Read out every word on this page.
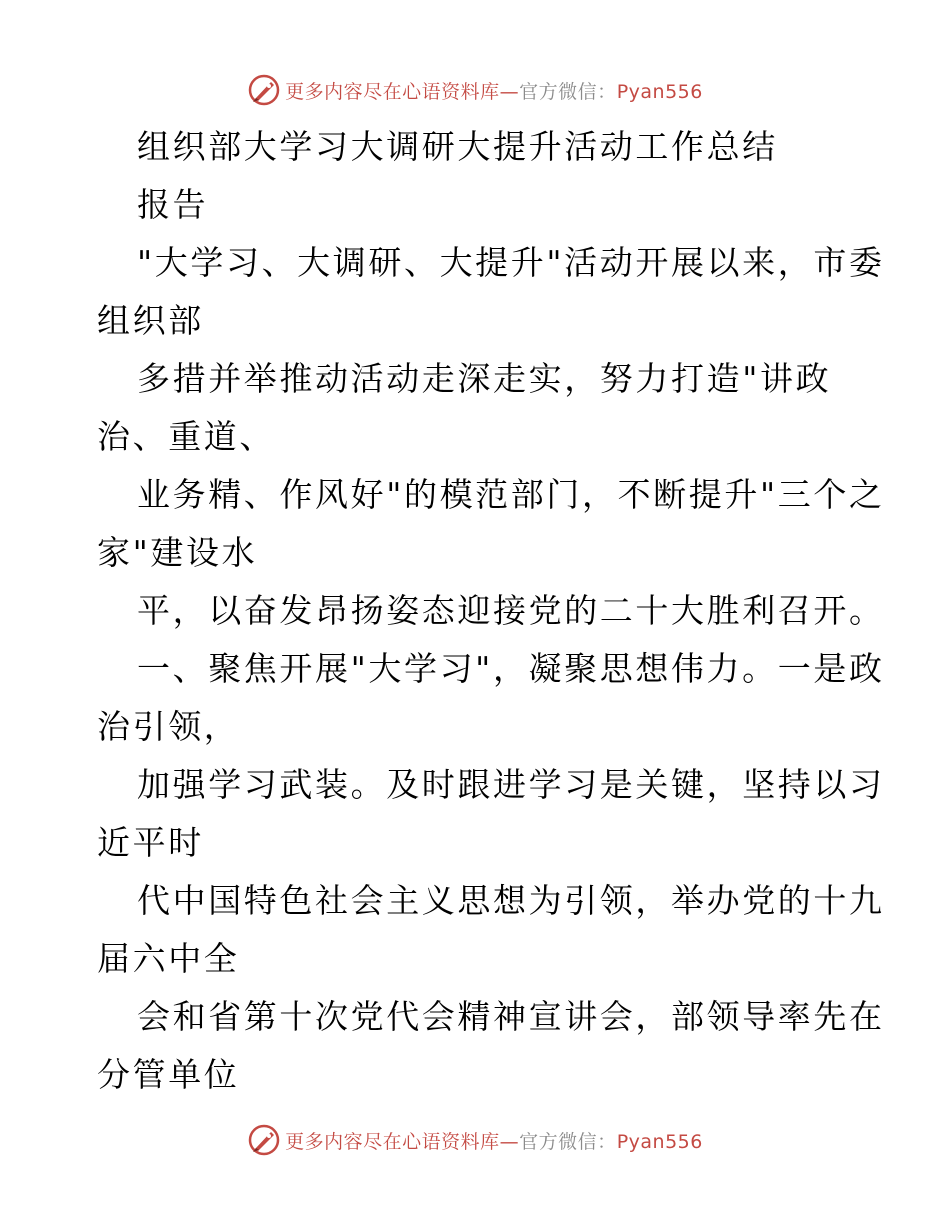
更多内容尽在心语资料库—官方微信：Pyan556
组织部大学习大调研大提升活动工作总结
报告
"大学习、大调研、大提升"活动开展以来，市委
组织部
多措并举推动活动走深走实，努力打造"讲政
治、重道、
业务精、作风好"的模范部门，不断提升"三个之
家"建设水
平，以奋发昂扬姿态迎接党的二十大胜利召开。
一、聚焦开展"大学习"，凝聚思想伟力。一是政
治引领，
加强学习武装。及时跟进学习是关键，坚持以习
近平时
代中国特色社会主义思想为引领，举办党的十九
届六中全
会和省第十次党代会精神宣讲会，部领导率先在
分管单位
更多内容尽在心语资料库—官方微信：Pyan556
